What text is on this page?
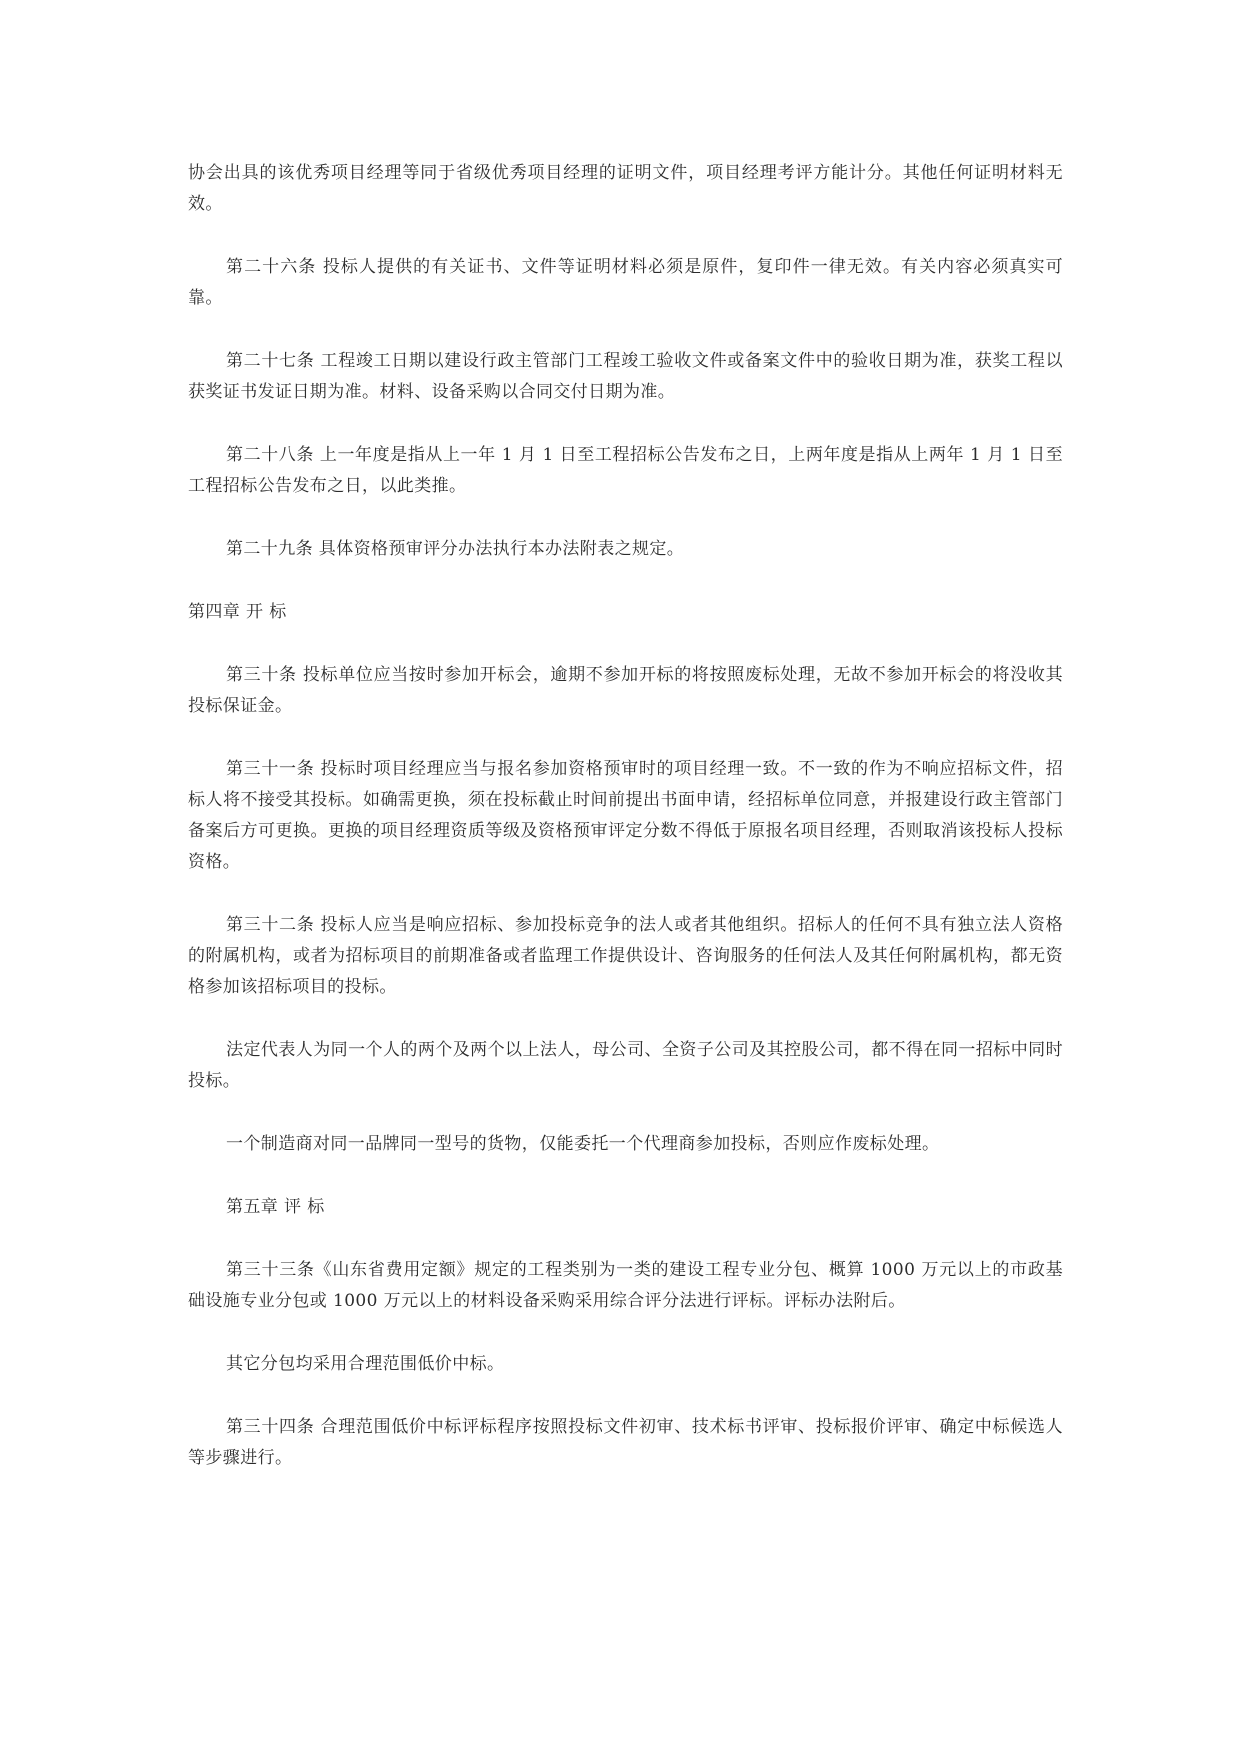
协会出具的该优秀项目经理等同于省级优秀项目经理的证明文件，项目经理考评方能计分。其他任何证明材料无效。

第二十六条 投标人提供的有关证书、文件等证明材料必须是原件，复印件一律无效。有关内容必须真实可靠。

第二十七条 工程竣工日期以建设行政主管部门工程竣工验收文件或备案文件中的验收日期为准，获奖工程以获奖证书发证日期为准。材料、设备采购以合同交付日期为准。

第二十八条 上一年度是指从上一年 1 月 1 日至工程招标公告发布之日，上两年度是指从上两年 1 月 1 日至工程招标公告发布之日，以此类推。

第二十九条 具体资格预审评分办法执行本办法附表之规定。

第四章 开 标

第三十条 投标单位应当按时参加开标会，逾期不参加开标的将按照废标处理，无故不参加开标会的将没收其投标保证金。

第三十一条 投标时项目经理应当与报名参加资格预审时的项目经理一致。不一致的作为不响应招标文件，招标人将不接受其投标。如确需更换，须在投标截止时间前提出书面申请，经招标单位同意，并报建设行政主管部门备案后方可更换。更换的项目经理资质等级及资格预审评定分数不得低于原报名项目经理，否则取消该投标人投标资格。

第三十二条 投标人应当是响应招标、参加投标竞争的法人或者其他组织。招标人的任何不具有独立法人资格的附属机构，或者为招标项目的前期准备或者监理工作提供设计、咨询服务的任何法人及其任何附属机构，都无资格参加该招标项目的投标。

法定代表人为同一个人的两个及两个以上法人，母公司、全资子公司及其控股公司，都不得在同一招标中同时投标。

一个制造商对同一品牌同一型号的货物，仅能委托一个代理商参加投标，否则应作废标处理。

第五章 评 标

第三十三条《山东省费用定额》规定的工程类别为一类的建设工程专业分包、概算 1000 万元以上的市政基础设施专业分包或 1000 万元以上的材料设备采购采用综合评分法进行评标。评标办法附后。

其它分包均采用合理范围低价中标。

第三十四条 合理范围低价中标评标程序按照投标文件初审、技术标书评审、投标报价评审、确定中标候选人等步骤进行。
